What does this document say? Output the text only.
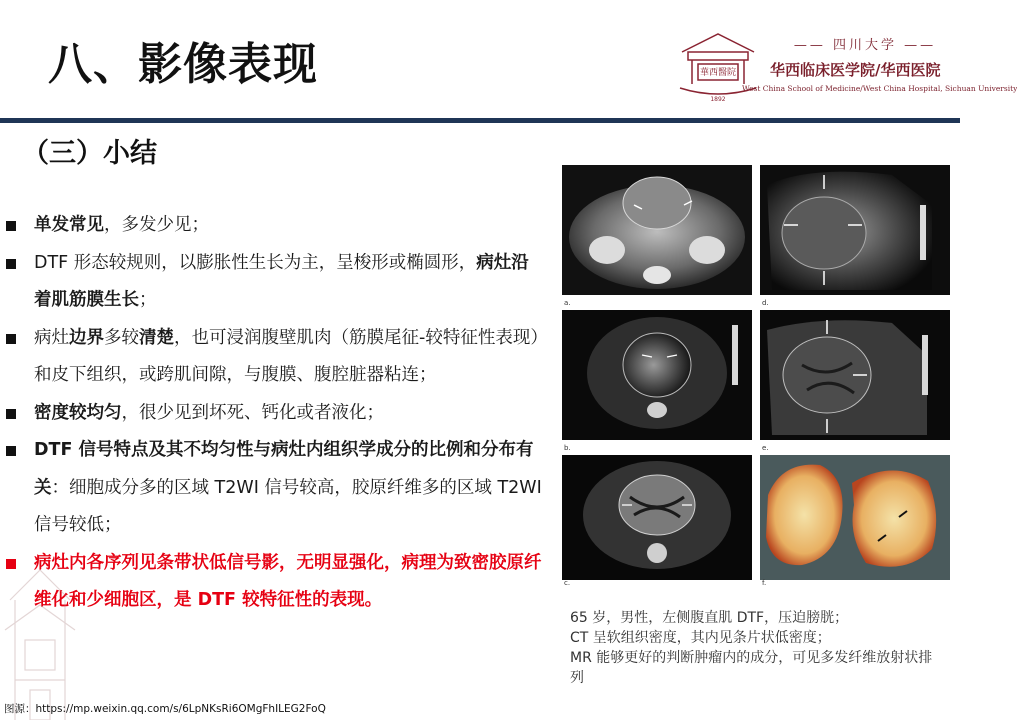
八、影像表现	華西醫院
1892
—— 四川大学 ——
华西临床医学院/华西医院
West China School of Medicine/West China Hospital, Sichuan University
（三）小结
单发常见，多发少见；
DTF 形态较规则，以膨胀性生长为主，呈梭形或椭圆形，病灶沿着肌筋膜生长；
病灶边界多较清楚，也可浸润腹壁肌肉（筋膜尾征-较特征性表现）和皮下组织，或跨肌间隙，与腹膜、腹腔脏器粘连；
密度较均匀，很少见到坏死、钙化或者液化；
DTF 信号特点及其不均匀性与病灶内组织学成分的比例和分布有关：细胞成分多的区域 T2WI 信号较高，胶原纤维多的区域 T2WI 信号较低；
病灶内各序列见条带状低信号影，无明显强化，病理为致密胶原纤维化和少细胞区，是 DTF 较特征性的表现。
a.	d.
b.	e.
c.	f.
65 岁，男性，左侧腹直肌 DTF，压迫膀胱；
CT 呈软组织密度，其内见条片状低密度；
MR 能够更好的判断肿瘤内的成分，可见多发纤维放射状排列
图源：https://mp.weixin.qq.com/s/6LpNKsRi6OMgFhILEG2FoQ
